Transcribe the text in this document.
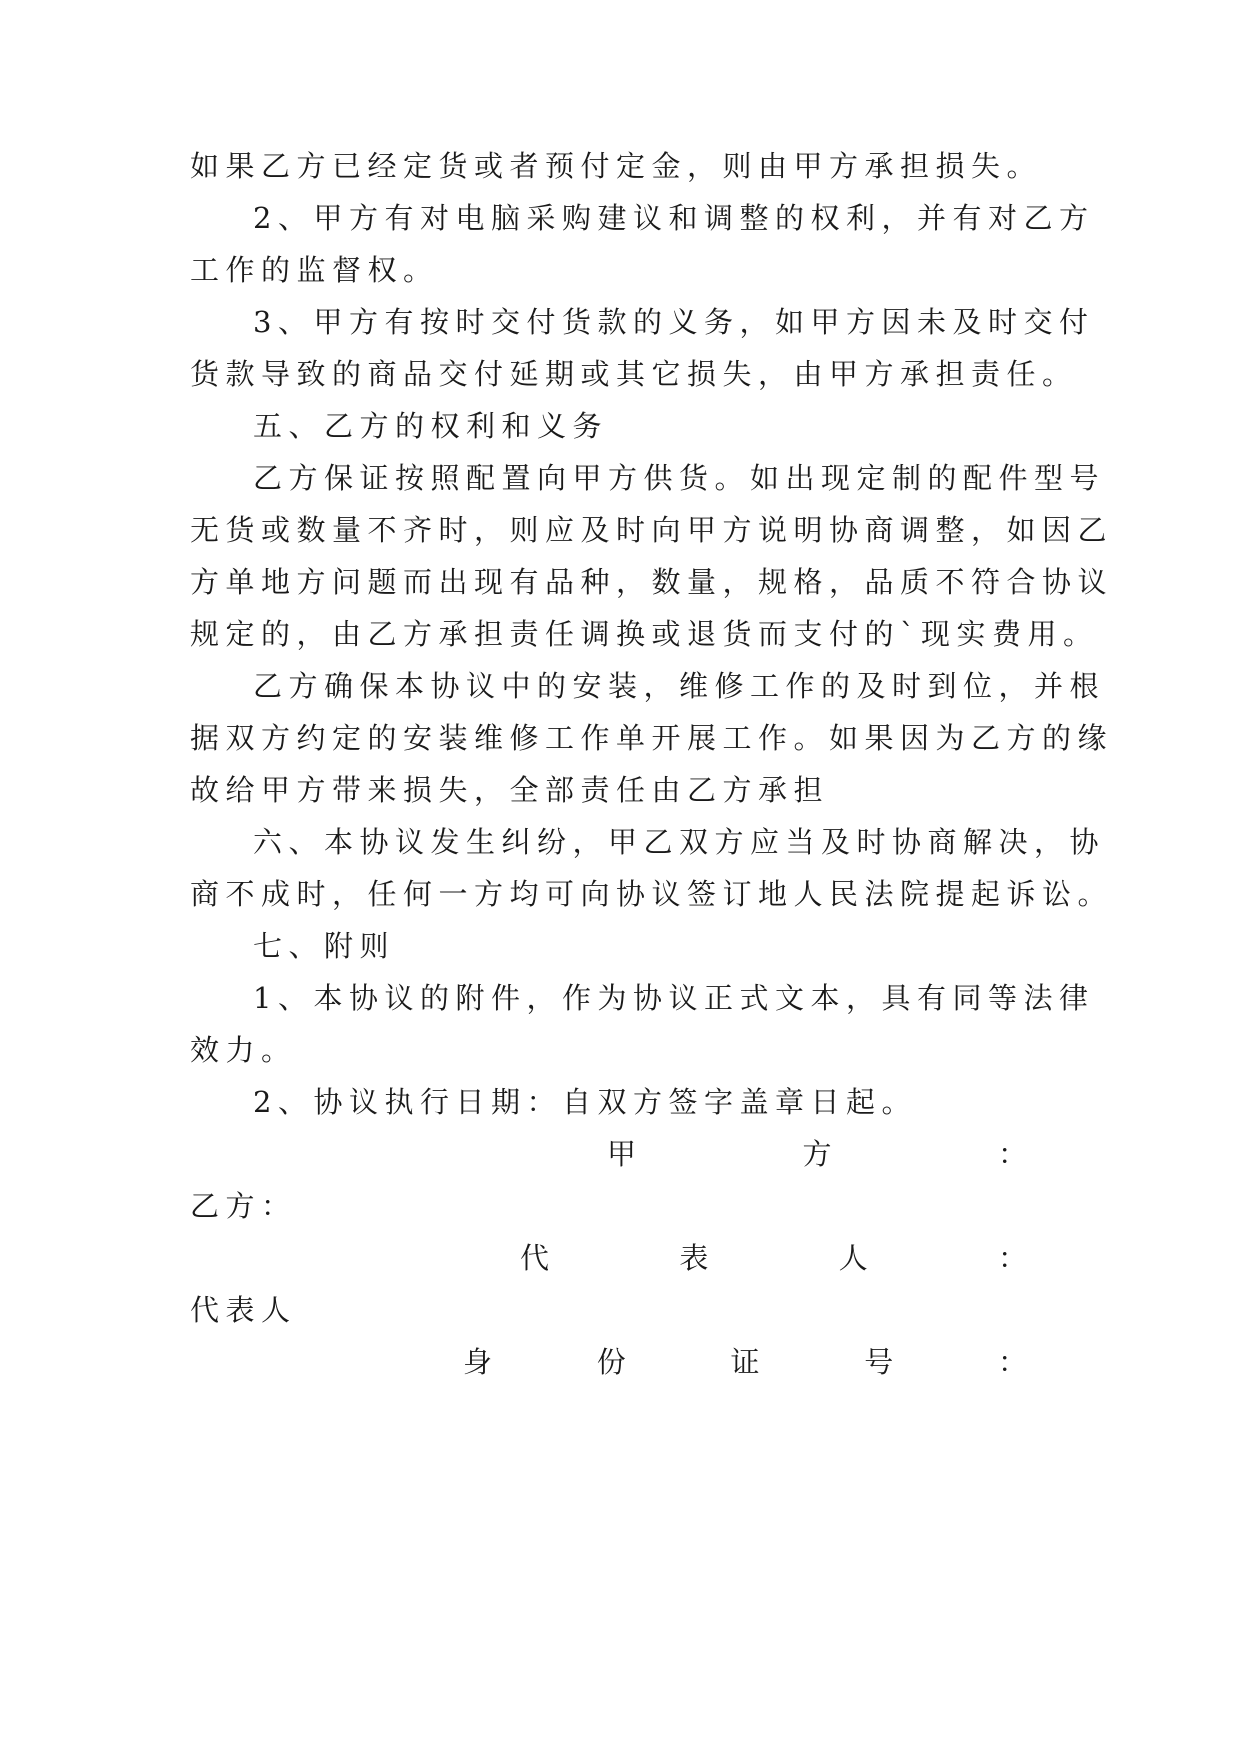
如果乙方已经定货或者预付定金，则由甲方承担损失。
2、甲方有对电脑采购建议和调整的权利，并有对乙方
工作的监督权。
3、甲方有按时交付货款的义务，如甲方因未及时交付
货款导致的商品交付延期或其它损失，由甲方承担责任。
五、乙方的权利和义务
乙方保证按照配置向甲方供货。如出现定制的配件型号
无货或数量不齐时，则应及时向甲方说明协商调整，如因乙
方单地方问题而出现有品种，数量，规格，品质不符合协议
规定的，由乙方承担责任调换或退货而支付的`现实费用。
乙方确保本协议中的安装，维修工作的及时到位，并根
据双方约定的安装维修工作单开展工作。如果因为乙方的缘
故给甲方带来损失，全部责任由乙方承担
六、本协议发生纠纷，甲乙双方应当及时协商解决，协
商不成时，任何一方均可向协议签订地人民法院提起诉讼。
七、附则
1、本协议的附件，作为协议正式文本，具有同等法律
效力。
2、协议执行日期：自双方签字盖章日起。
甲	方	：
乙方：
代	表	人	：
代表人
身	份	证	号	：
